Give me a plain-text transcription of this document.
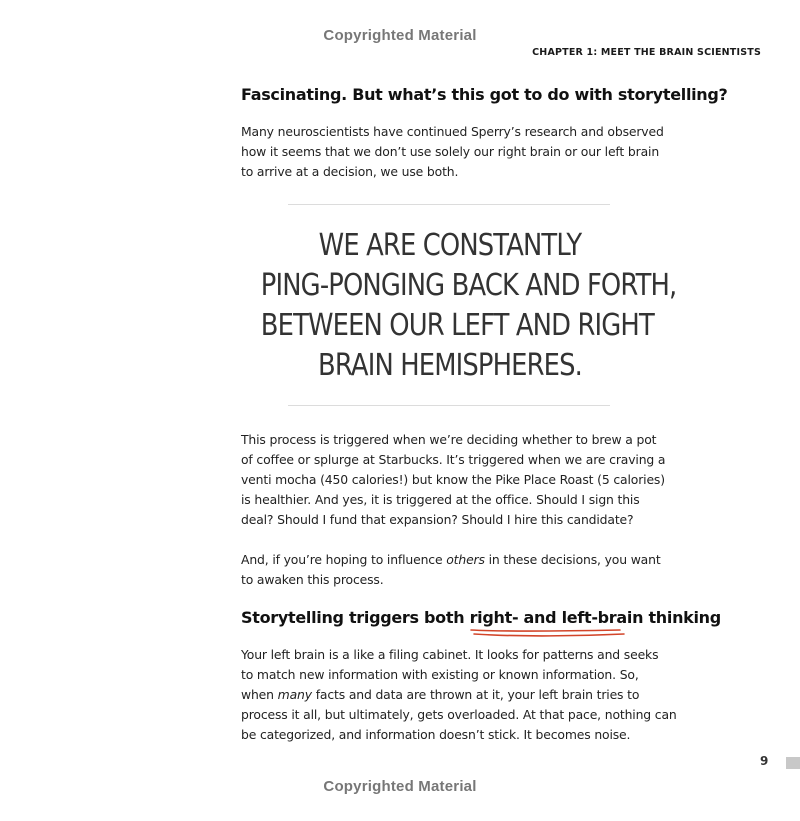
Copyrighted Material
CHAPTER 1: MEET THE BRAIN SCIENTISTS
Fascinating. But what’s this got to do with storytelling?

Many neuroscientists have continued Sperry’s research and observed
how it seems that we don’t use solely our right brain or our left brain
to arrive at a decision, we use both.

WE ARE CONSTANTLY
PING-PONGING BACK AND FORTH,
BETWEEN OUR LEFT AND RIGHT
BRAIN HEMISPHERES.

This process is triggered when we’re deciding whether to brew a pot
of coffee or splurge at Starbucks. It’s triggered when we are craving a
venti mocha (450 calories!) but know the Pike Place Roast (5 calories)
is healthier. And yes, it is triggered at the office. Should I sign this
deal? Should I fund that expansion? Should I hire this candidate?

And, if you’re hoping to influence others in these decisions, you want
to awaken this process.

Storytelling triggers both right- and left-brain
thinking

Your left brain is a like a filing cabinet. It looks for patterns and seeks
to match new information with existing or known information. So,
when many facts and data are thrown at it, your left brain tries to
process it all, but ultimately, gets overloaded. At that pace, nothing can
be categorized, and information doesn’t stick. It becomes noise.

9
Copyrighted Material
